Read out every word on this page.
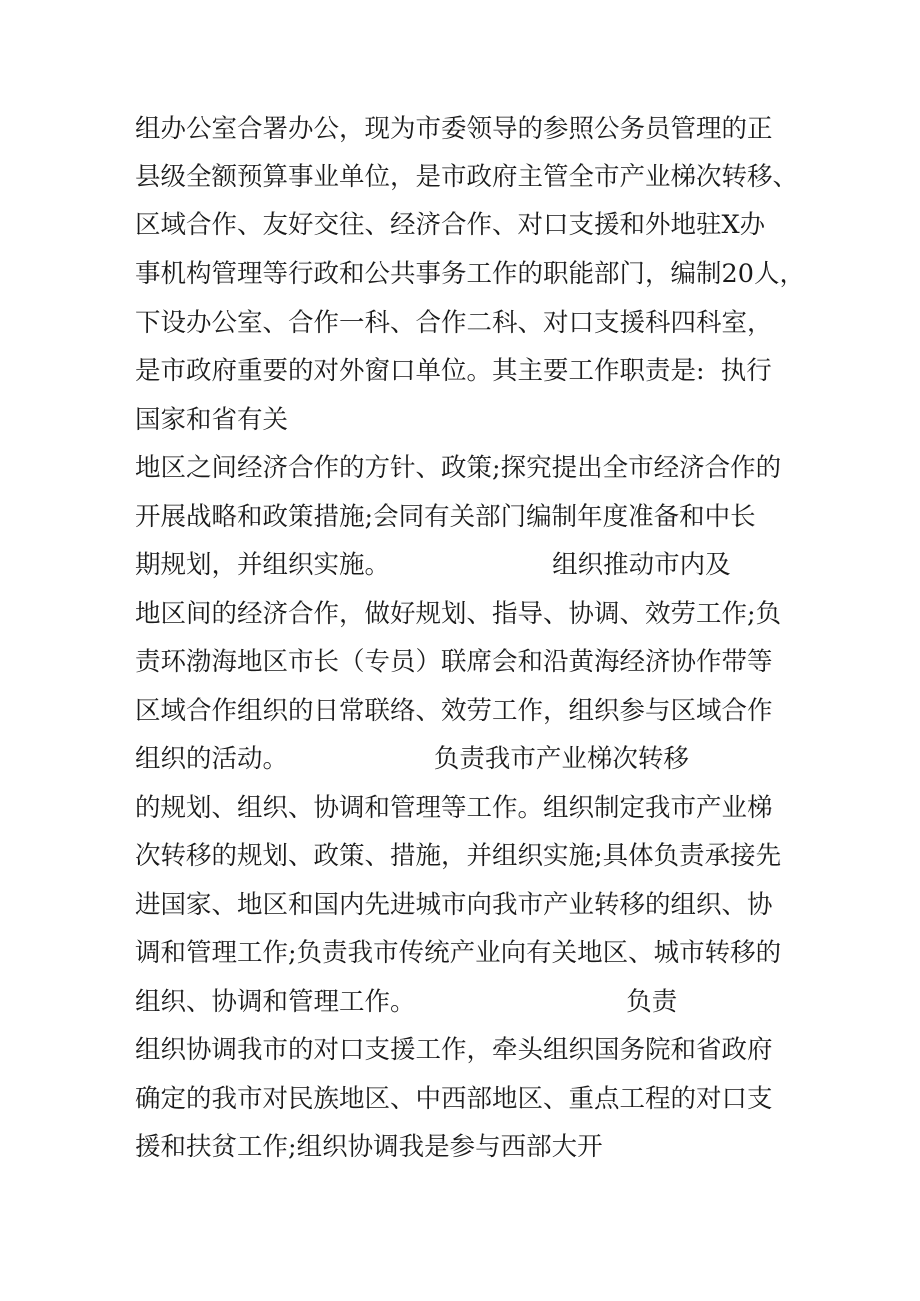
组办公室合署办公，现为市委领导的参照公务员管理的正
县级全额预算事业单位，是市政府主管全市产业梯次转移、
区域合作、友好交往、经济合作、对口支援和外地驻X办
事机构管理等行政和公共事务工作的职能部门，编制20人，
下设办公室、合作一科、合作二科、对口支援科四科室，
是市政府重要的对外窗口单位。其主要工作职责是:  执行
国家和省有关
地区之间经济合作的方针、政策;探究提出全市经济合作的
开展战略和政策措施;会同有关部门编制年度准备和中长
期规划，并组织实施。                    组织推动市内及
地区间的经济合作，做好规划、指导、协调、效劳工作;负
责环渤海地区市长（专员）联席会和沿黄海经济协作带等
区域合作组织的日常联络、效劳工作，组织参与区域合作
组织的活动。                  负责我市产业梯次转移
的规划、组织、协调和管理等工作。组织制定我市产业梯
次转移的规划、政策、措施，并组织实施;具体负责承接先
进国家、地区和国内先进城市向我市产业转移的组织、协
调和管理工作;负责我市传统产业向有关地区、城市转移的
组织、协调和管理工作。                          负责
组织协调我市的对口支援工作，牵头组织国务院和省政府
确定的我市对民族地区、中西部地区、重点工程的对口支
援和扶贫工作;组织协调我是参与西部大开
